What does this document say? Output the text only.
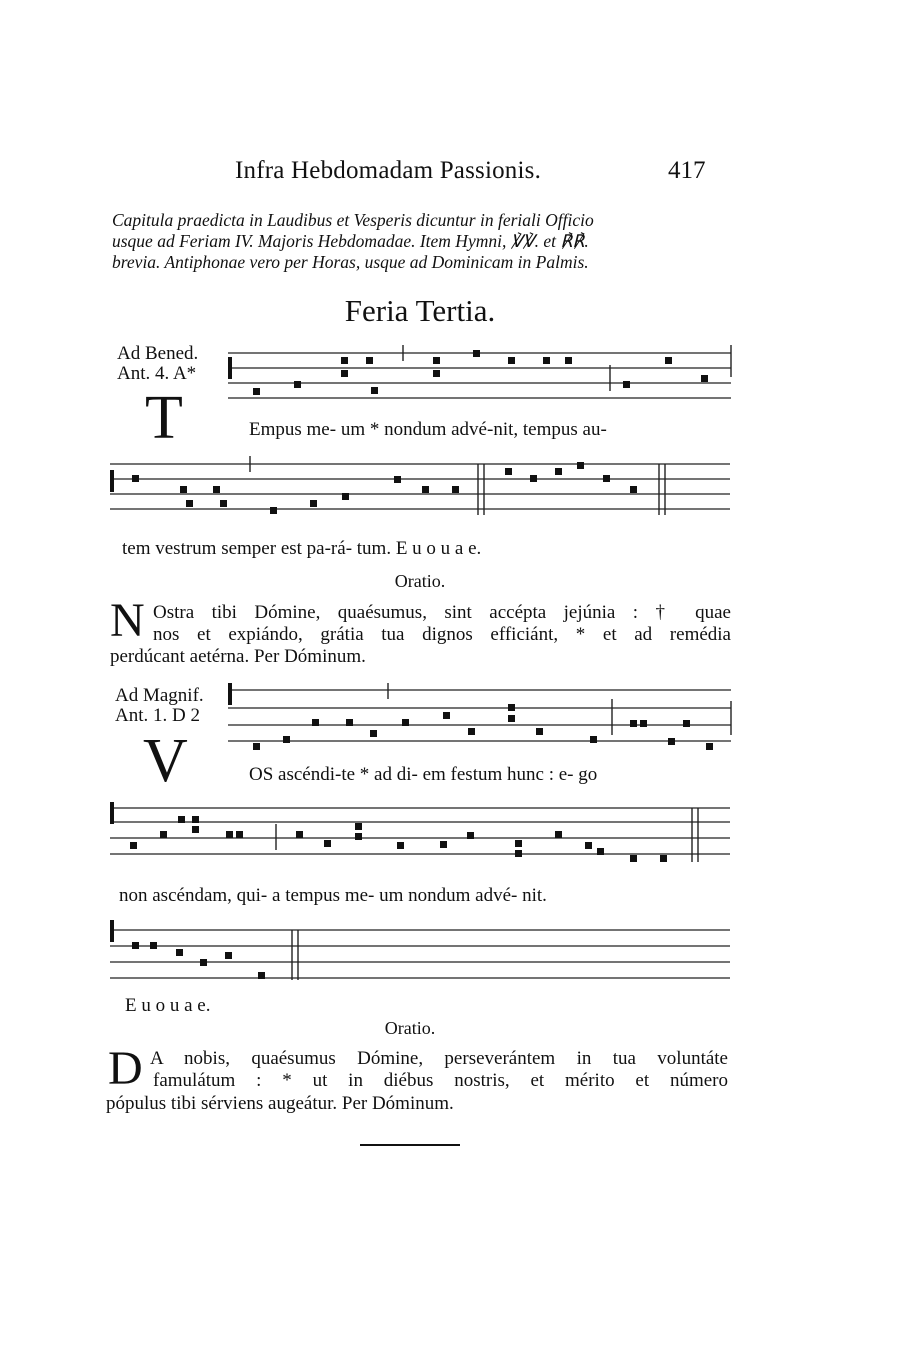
Infra Hebdomadam Passionis.	417
Capitula praedicta in Laudibus et Vesperis dicuntur in feriali Officio
usque ad Feriam IV. Majoris Hebdomadae. Item Hymni, ℣℣. et ℟℟.
brevia. Antiphonae vero per Horas, usque ad Dominicam in Palmis.
Feria Tertia.
Ad Bened.
Ant. 4. A*
T	Empus me- um * nondum advé-nit, tempus au-
tem vestrum semper est pa-rá- tum. E u o u a e.
Oratio.
N Ostra tibi Dómine, quaésumus, sint accépta jejúnia : † quae
nos et expiándo, grátia tua dignos efficiánt, * et ad remédia
perdúcant aetérna. Per Dóminum.
Ad Magnif.
Ant. 1. D 2
V	OS ascéndi-te * ad di- em festum hunc : e- go
non ascéndam, qui- a tempus me- um nondum advé- nit.
E u o u a e.
Oratio.
D A nobis, quaésumus Dómine, perseverántem in tua voluntáte
famulátum : * ut in diébus nostris, et mérito et número
pópulus tibi sérviens augeátur. Per Dóminum.
